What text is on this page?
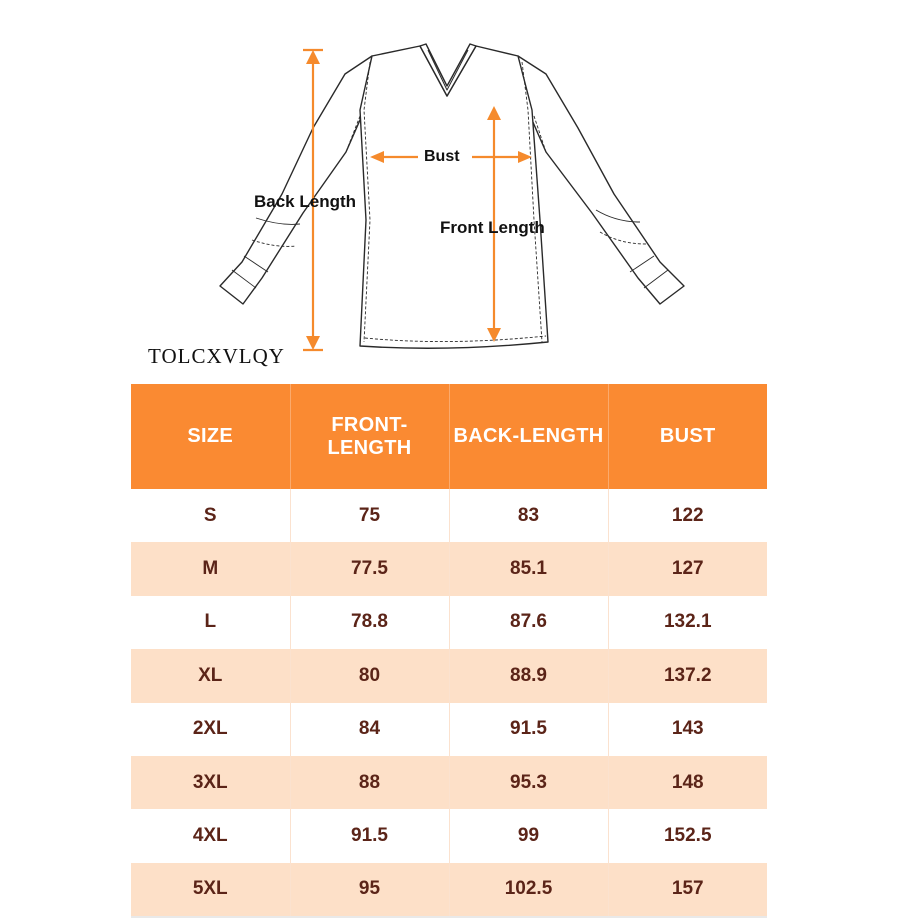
Bust
Back Length
Front Length
TOLCXVLQY
SIZE	FRONT-LENGTH	BACK-LENGTH	BUST
S	75	83	122
M	77.5	85.1	127
L	78.8	87.6	132.1
XL	80	88.9	137.2
2XL	84	91.5	143
3XL	88	95.3	148
4XL	91.5	99	152.5
5XL	95	102.5	157
